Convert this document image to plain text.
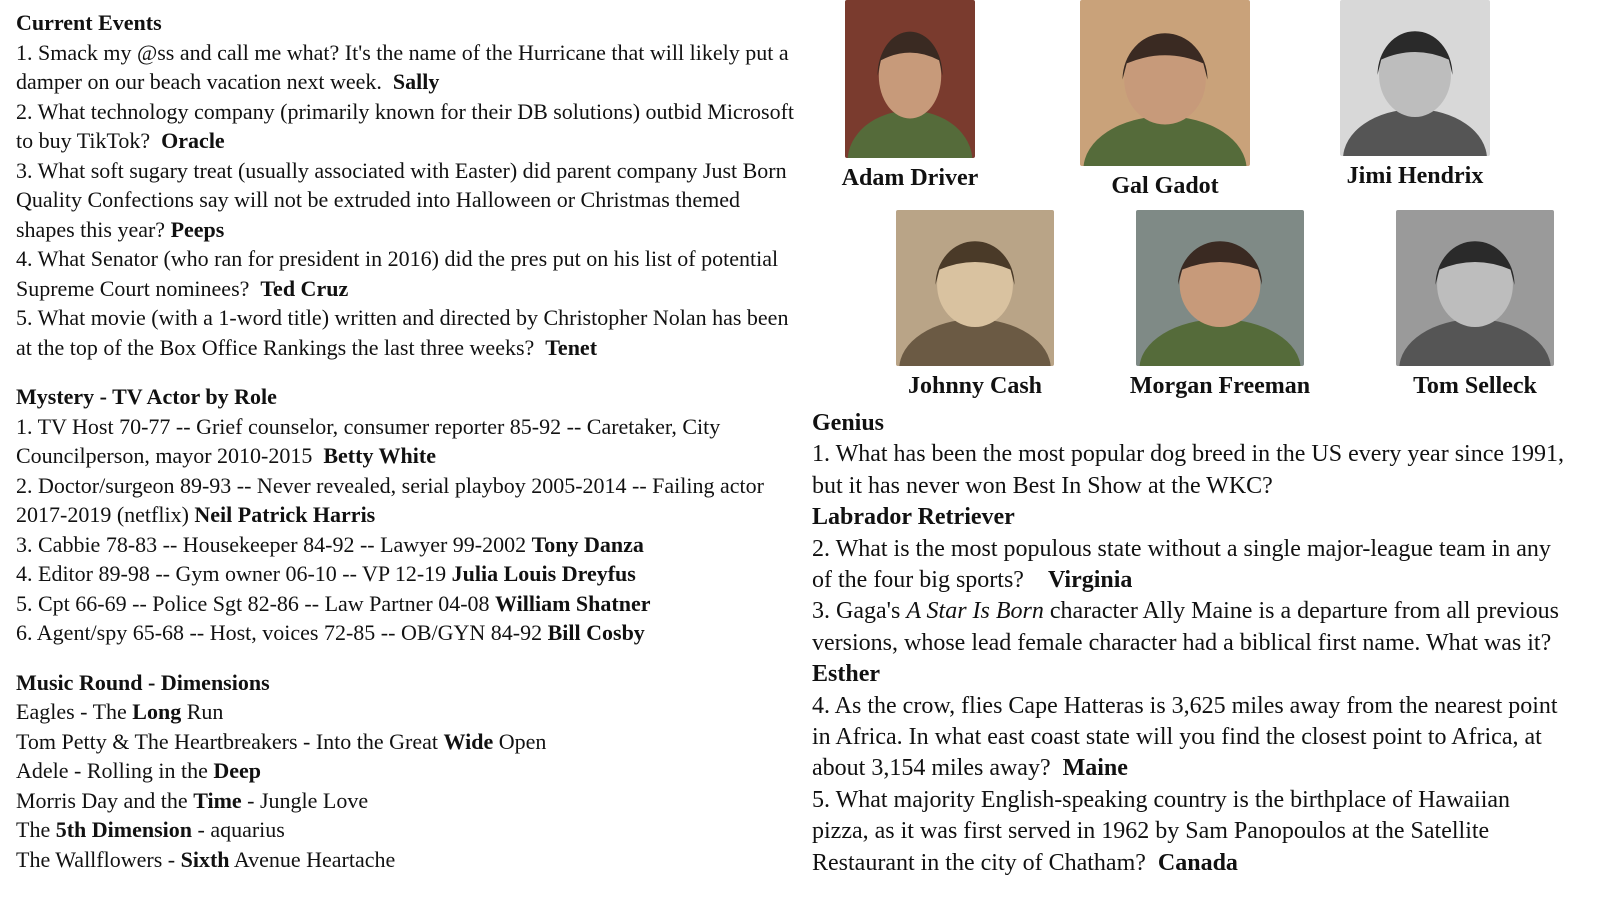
Current Events
1. Smack my @ss and call me what? It's the name of the Hurricane that will likely put a damper on our beach vacation next week. Sally
2. What technology company (primarily known for their DB solutions) outbid Microsoft to buy TikTok? Oracle
3. What soft sugary treat (usually associated with Easter) did parent company Just Born Quality Confections say will not be extruded into Halloween or Christmas themed shapes this year? Peeps
4. What Senator (who ran for president in 2016) did the pres put on his list of potential Supreme Court nominees? Ted Cruz
5. What movie (with a 1-word title) written and directed by Christopher Nolan has been at the top of the Box Office Rankings the last three weeks? Tenet
Mystery - TV Actor by Role
1. TV Host 70-77 -- Grief counselor, consumer reporter 85-92 -- Caretaker, City Councilperson, mayor 2010-2015 Betty White
2. Doctor/surgeon 89-93 -- Never revealed, serial playboy 2005-2014 -- Failing actor 2017-2019 (netflix) Neil Patrick Harris
3. Cabbie 78-83 -- Housekeeper 84-92 -- Lawyer 99-2002 Tony Danza
4. Editor 89-98 -- Gym owner 06-10 -- VP 12-19 Julia Louis Dreyfus
5. Cpt 66-69 -- Police Sgt 82-86 -- Law Partner 04-08 William Shatner
6. Agent/spy 65-68 -- Host, voices 72-85 -- OB/GYN 84-92 Bill Cosby
Music Round - Dimensions
Eagles - The Long Run
Tom Petty & The Heartbreakers - Into the Great Wide Open
Adele - Rolling in the Deep
Morris Day and the Time - Jungle Love
The 5th Dimension - aquarius
The Wallflowers - Sixth Avenue Heartache
Adam Driver	Gal Gadot	Jimi Hendrix
Johnny Cash	Morgan Freeman	Tom Selleck
Genius
1. What has been the most popular dog breed in the US every year since 1991, but it has never won Best In Show at the WKC?
Labrador Retriever
2. What is the most populous state without a single major-league team in any of the four big sports? Virginia
3. Gaga's A Star Is Born character Ally Maine is a departure from all previous versions, whose lead female character had a biblical first name. What was it?  Esther
4. As the crow, flies Cape Hatteras is 3,625 miles away from the nearest point in Africa. In what east coast state will you find the closest point to Africa, at about 3,154 miles away? Maine
5. What majority English-speaking country is the birthplace of Hawaiian pizza, as it was first served in 1962 by Sam Panopoulos at the Satellite Restaurant in the city of Chatham? Canada
